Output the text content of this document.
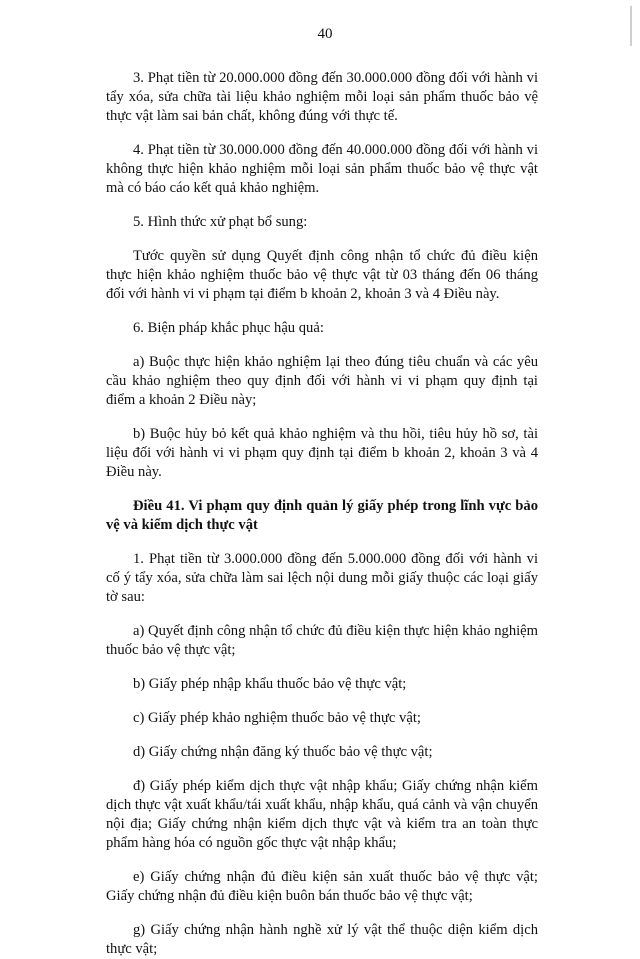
40

3. Phạt tiền từ 20.000.000 đồng đến 30.000.000 đồng đối với hành vi tẩy xóa, sửa chữa tài liệu khảo nghiệm mỗi loại sản phẩm thuốc bảo vệ thực vật làm sai bản chất, không đúng với thực tế.

4. Phạt tiền từ 30.000.000 đồng đến 40.000.000 đồng đối với hành vi không thực hiện khảo nghiệm mỗi loại sản phẩm thuốc bảo vệ thực vật mà có báo cáo kết quả khảo nghiệm.

5. Hình thức xử phạt bổ sung:

Tước quyền sử dụng Quyết định công nhận tổ chức đủ điều kiện thực hiện khảo nghiệm thuốc bảo vệ thực vật từ 03 tháng đến 06 tháng đối với hành vi vi phạm tại điểm b khoản 2, khoản 3 và 4 Điều này.

6. Biện pháp khắc phục hậu quả:

a) Buộc thực hiện khảo nghiệm lại theo đúng tiêu chuẩn và các yêu cầu khảo nghiệm theo quy định đối với hành vi vi phạm quy định tại điểm a khoản 2 Điều này;

b) Buộc hủy bỏ kết quả khảo nghiệm và thu hồi, tiêu hủy hồ sơ, tài liệu đối với hành vi vi phạm quy định tại điểm b khoản 2, khoản 3 và 4 Điều này.

Điều 41. Vi phạm quy định quản lý giấy phép trong lĩnh vực bảo vệ và kiểm dịch thực vật

1. Phạt tiền từ 3.000.000 đồng đến 5.000.000 đồng đối với hành vi cố ý tẩy xóa, sửa chữa làm sai lệch nội dung mỗi giấy thuộc các loại giấy tờ sau:

a) Quyết định công nhận tổ chức đủ điều kiện thực hiện khảo nghiệm thuốc bảo vệ thực vật;

b) Giấy phép nhập khẩu thuốc bảo vệ thực vật;

c) Giấy phép khảo nghiệm thuốc bảo vệ thực vật;

d) Giấy chứng nhận đăng ký thuốc bảo vệ thực vật;

đ) Giấy phép kiểm dịch thực vật nhập khẩu; Giấy chứng nhận kiểm dịch thực vật xuất khẩu/tái xuất khẩu, nhập khẩu, quá cảnh và vận chuyển nội địa; Giấy chứng nhận kiểm dịch thực vật và kiểm tra an toàn thực phẩm hàng hóa có nguồn gốc thực vật nhập khẩu;

e) Giấy chứng nhận đủ điều kiện sản xuất thuốc bảo vệ thực vật; Giấy chứng nhận đủ điều kiện buôn bán thuốc bảo vệ thực vật;

g) Giấy chứng nhận hành nghề xử lý vật thể thuộc diện kiểm dịch thực vật;
